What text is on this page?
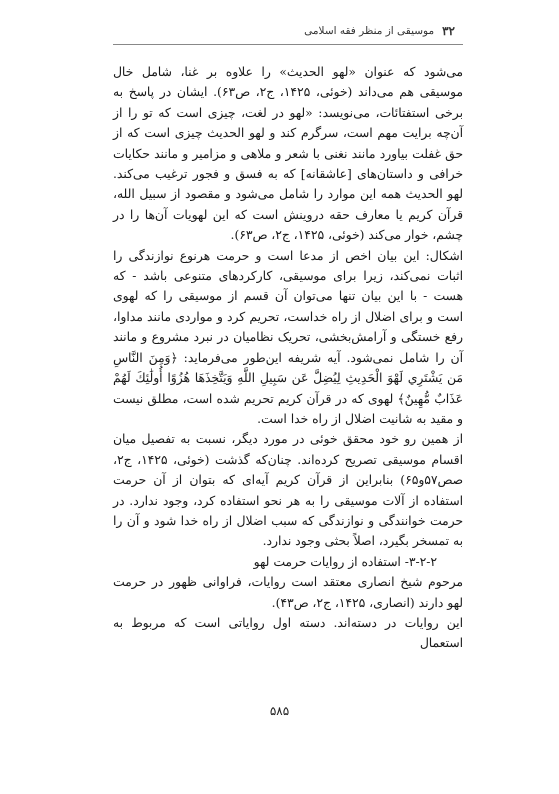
۳۲
موسیقی از منظر فقه اسلامی

می‌شود که عنوان «لهو الحدیث» را علاوه بر غنا، شامل خال موسیقی هم می‌داند (خوئی، ۱۴۲۵، ج۲، ص۶۳). ایشان در پاسخ به برخی استفتائات، می‌نویسد: «لهو در لغت، چیزی است که تو را از آن‌چه برایت مهم است، سرگرم کند و لهو الحدیث چیزی است که از حق غفلت بیاورد مانند نغنی با شعر و ملاهی و مزامیر و مانند حکایات خرافی و داستان‌های [عاشقانه] که به فسق و فجور ترغیب می‌کند. لهو الحدیث همه این موارد را شامل می‌شود و مقصود از سبیل الله، قرآن کریم یا معارف حقه دروینش است که این لهویات آن‌ها را در چشم، خوار می‌کند (خوئی، ۱۴۲۵، ج۲، ص۶۳).

اشکال: این بیان اخص از مدعا است و حرمت هرنوع نوازندگی را اثبات نمی‌کند، زیرا برای موسیقی، کارکردهای متنوعی باشد - که هست - با این بیان تنها می‌توان آن قسم از موسیقی را که لهوی است و برای اضلال از راه خداست، تحریم کرد و مواردی مانند مداوا، رفع خستگی و آرامش‌بخشی، تحریک نظامیان در نبرد مشروع و مانند آن را شامل نمی‌شود. آیه شریفه این‌طور می‌فرماید: ﴿وَمِنَ النَّاسِ مَن يَشْتَرِي لَهْوَ الْحَدِيثِ لِيُضِلَّ عَن سَبِيلِ اللَّهِ وَيَتَّخِذَهَا هُزُوًا أُولَٰئِكَ لَهُمْ عَذَابٌ مُّهِينٌ﴾ لهوی که در قرآن کریم تحریم شده است، مطلق نیست و مقید به شانیت اضلال از راه خدا است.

از همین رو خود محقق خوئی در مورد دیگر، نسبت به تفصیل میان اقسام موسیقی تصریح کرده‌اند. چنان‌که گذشت (خوئی، ۱۴۲۵، ج۲، صص۵۷و۶۵) بنابراین از قرآن کریم آیه‌ای که بتوان از آن حرمت استفاده از آلات موسیقی را به هر نحو استفاده کرد، وجود ندارد. در حرمت خوانندگی و نوازندگی که سبب اضلال از راه خدا شود و آن را به تمسخر بگیرد، اصلاً بحثی وجود ندارد.

۳-۲-۲- استفاده از روایات حرمت لهو

مرحوم شیخ انصاری معتقد است روایات، فراوانی ظهور در حرمت لهو دارند (انصاری، ۱۴۲۵، ج۲، ص۴۳).

این روایات در دسته‌اند. دسته اول روایاتی است که مربوط به استعمال

۵۸۵
